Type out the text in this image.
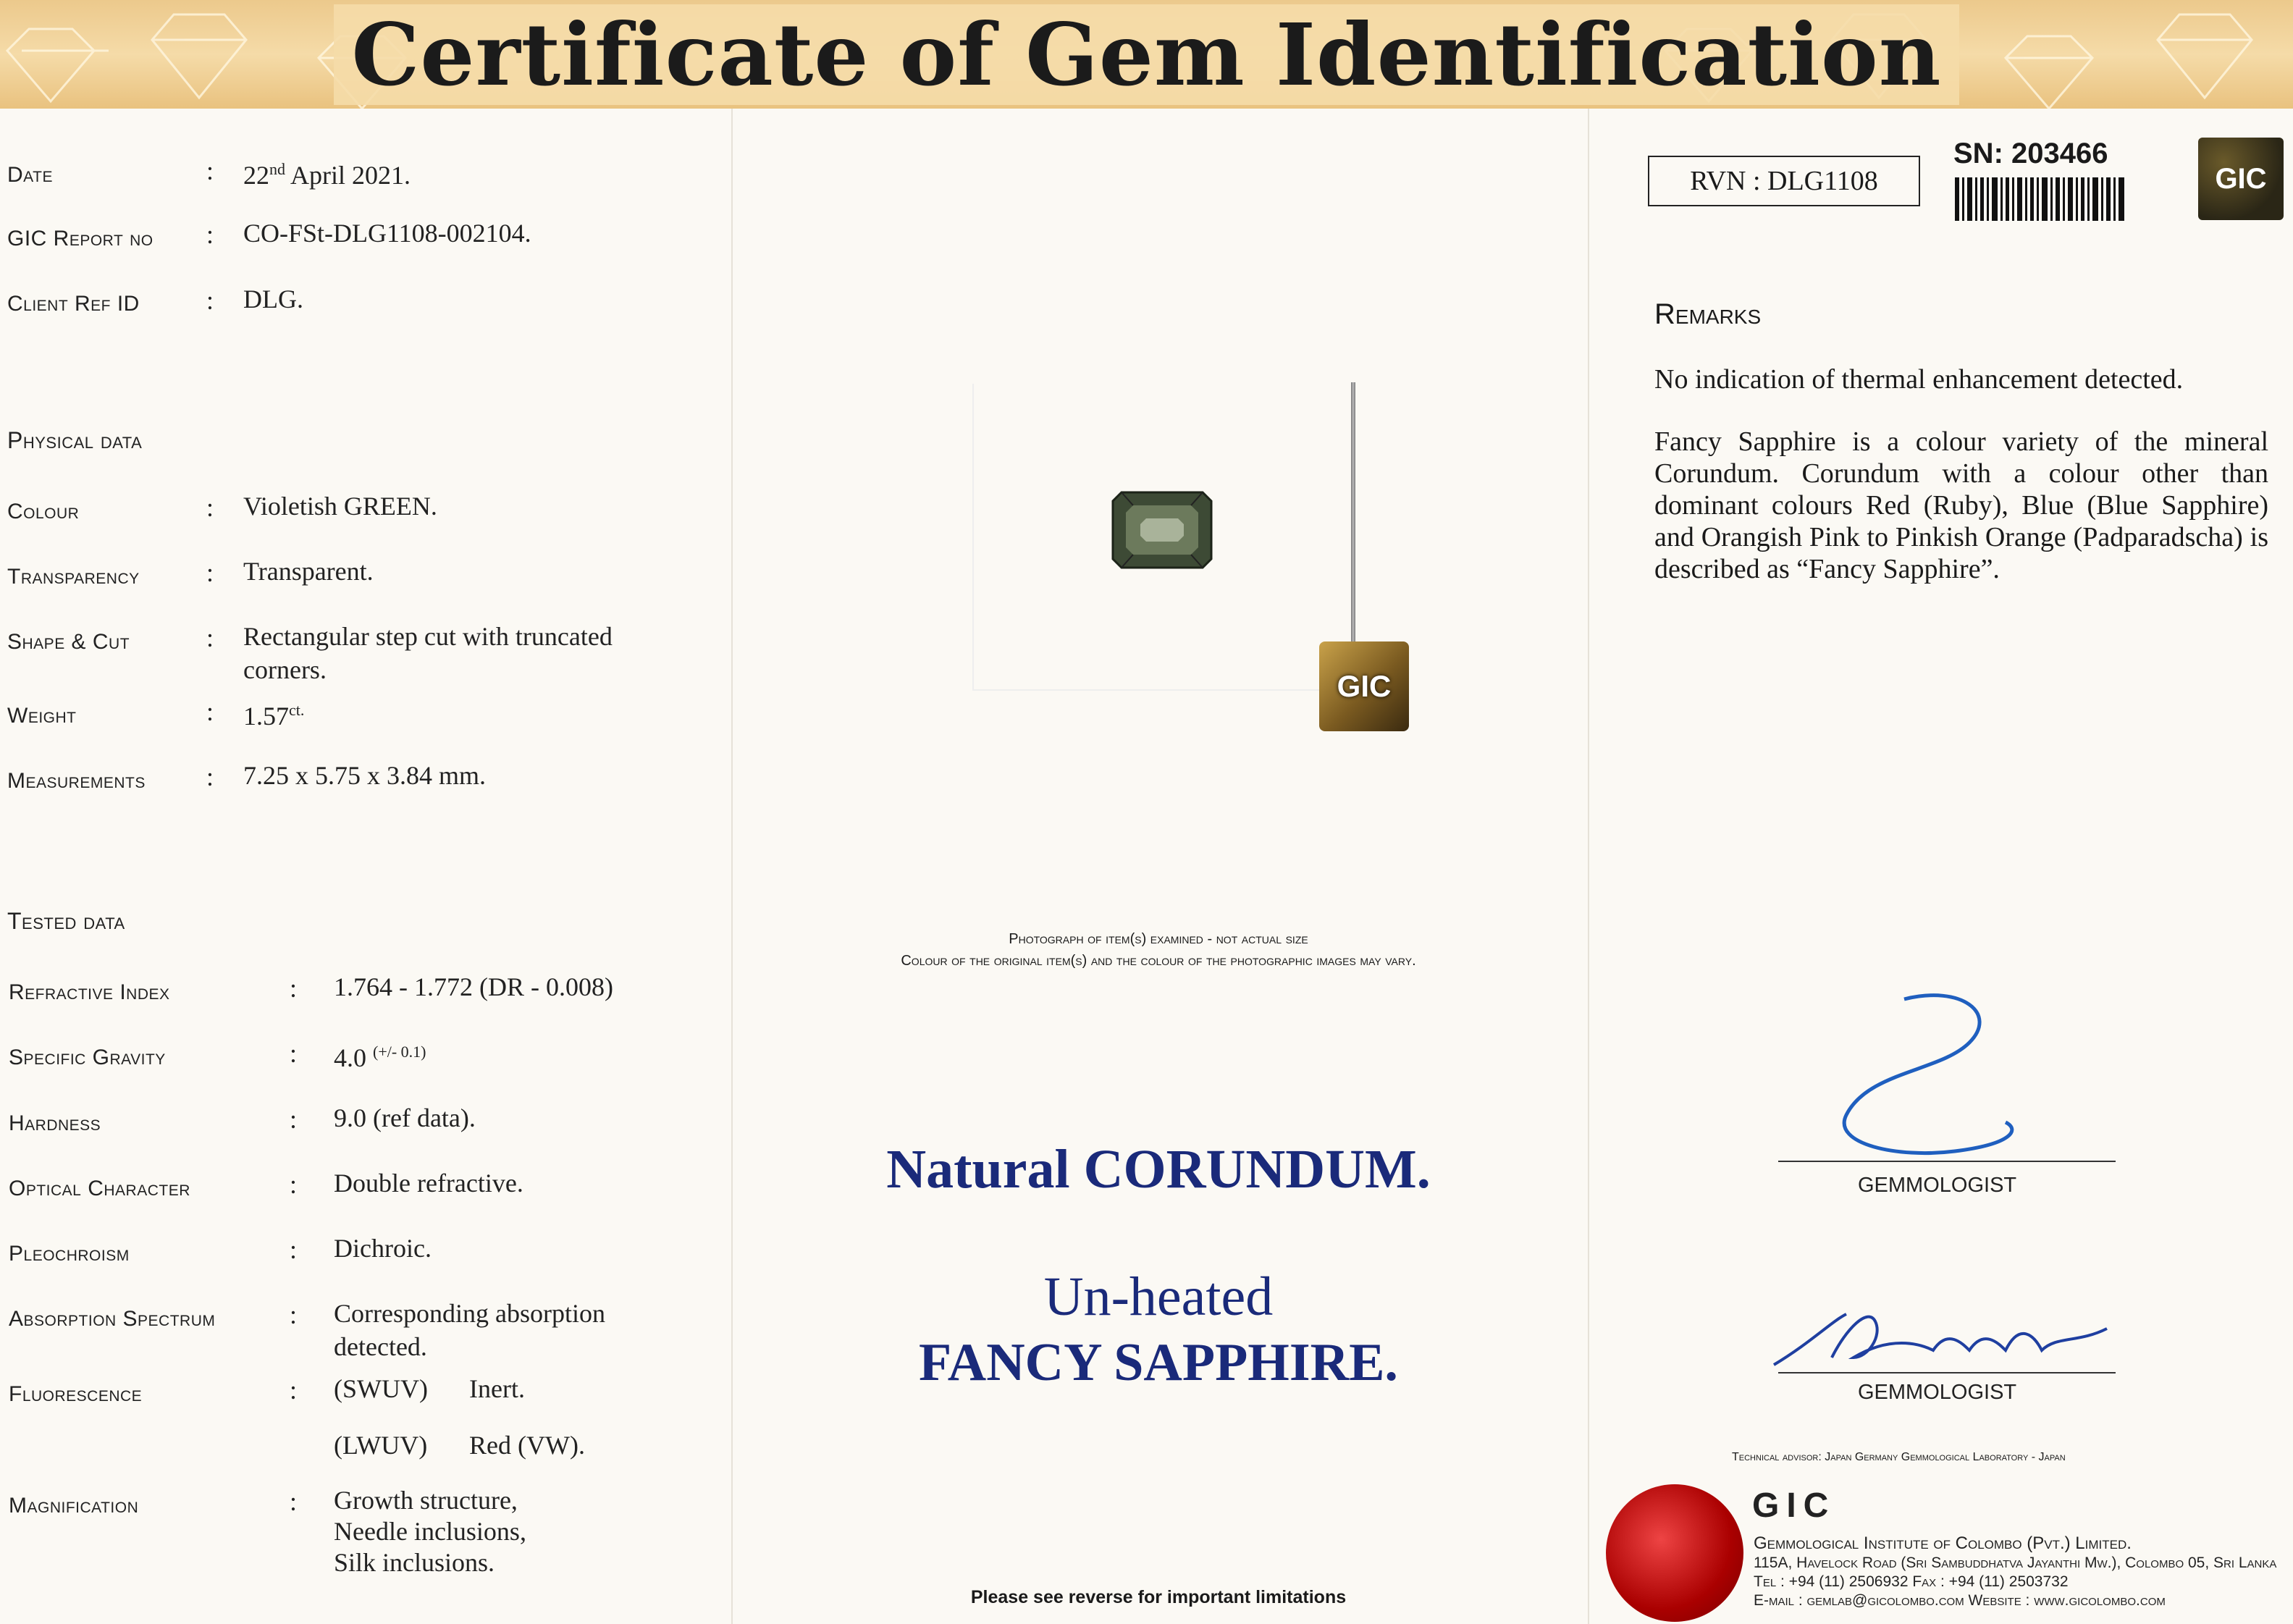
Certificate of Gem Identification
Date	: 22nd April 2021.
GIC Report no : CO-FSt-DLG1108-002104.
Client Ref ID	: DLG.
Physical data
Colour	: Violetish GREEN.
Transparency	: Transparent.
Shape & Cut	: Rectangular step cut with truncated
corners.
Weight	: $1.57^{ct.}$
Measurements : 7.25 x 5.75 x 3.84 mm.
Tested data
Refractive Index	: 1.764 - 1.772 (DR - 0.008)
Specific Gravity	: 4.0 $^{(+/- 0.1)}$
Hardness	: 9.0 (ref data).
Optical Character	: Double refractive.
Pleochroism	: Dichroic.
Absorption Spectrum	: Corresponding absorption
detected.
Fluorescence	: (SWUV) Inert.
(LWUV) Red (VW).
Magnification	: Growth structure,
Needle inclusions,
Silk inclusions.
GIC
Photograph of item(s) examined - not actual size
Colour of the original item(s) and the colour of the photographic images may vary.
Natural CORUNDUM.
Un-heated
FANCY SAPPHIRE.
Please see reverse for important limitations
RVN : DLG1108
SN: 203466
GIC
Remarks
No indication of thermal enhancement detected.
Fancy Sapphire is a colour variety of the mineral Corundum. Corundum with a colour other than dominant colours Red (Ruby), Blue (Blue Sapphire) and Orangish Pink to Pinkish Orange (Padparadscha) is described as “Fancy Sapphire”.
GEMMOLOGIST
GEMMOLOGIST
Technical advisor: Japan Germany Gemmological Laboratory - Japan
GIC
Gemmological Institute of Colombo (Pvt.) Limited.
115A, Havelock Road (Sri Sambuddhatva Jayanthi Mw.), Colombo 05, Sri Lanka
Tel : +94 (11) 2506932 Fax : +94 (11) 2503732
E-mail : gemlab@gicolombo.com Website : www.gicolombo.com
